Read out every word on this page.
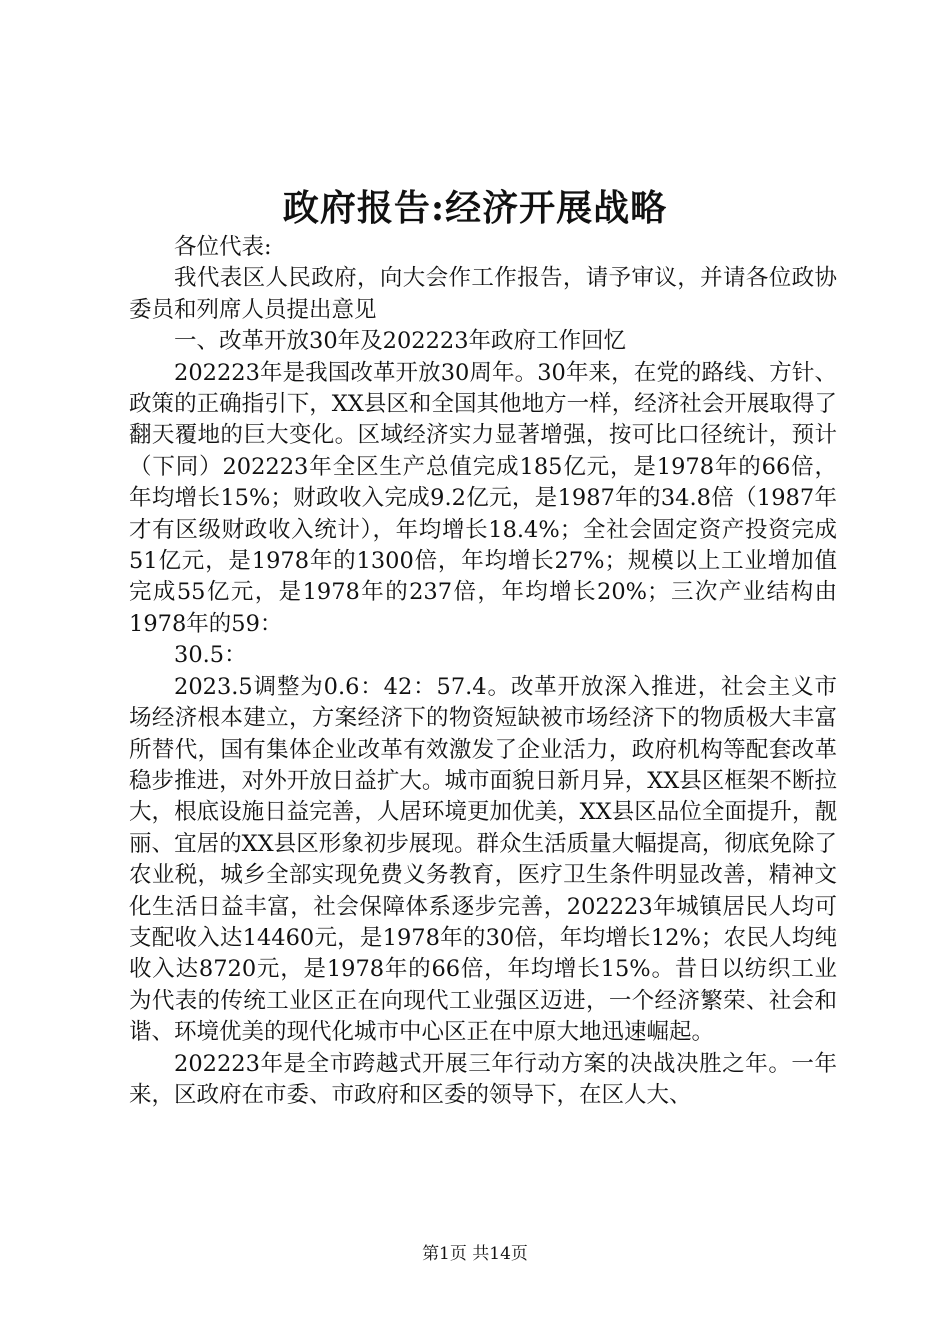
政府报告:经济开展战略

各位代表:

我代表区人民政府，向大会作工作报告，请予审议，并请各位政协委员和列席人员提出意见

一、改革开放30年及202223年政府工作回忆

202223年是我国改革开放30周年。30年来，在党的路线、方针、政策的正确指引下，XX县区和全国其他地方一样，经济社会开展取得了翻天覆地的巨大变化。区域经济实力显著增强，按可比口径统计，预计（下同）202223年全区生产总值完成185亿元，是1978年的66倍，年均增长15%；财政收入完成9.2亿元，是1987年的34.8倍（1987年才有区级财政收入统计），年均增长18.4%；全社会固定资产投资完成51亿元，是1978年的1300倍，年均增长27%；规模以上工业增加值完成55亿元，是1978年的237倍，年均增长20%；三次产业结构由1978年的59：

30.5：

2023.5调整为0.6：42：57.4。改革开放深入推进，社会主义市场经济根本建立，方案经济下的物资短缺被市场经济下的物质极大丰富所替代，国有集体企业改革有效激发了企业活力，政府机构等配套改革稳步推进，对外开放日益扩大。城市面貌日新月异，XX县区框架不断拉大，根底设施日益完善，人居环境更加优美，XX县区品位全面提升，靓丽、宜居的XX县区形象初步展现。群众生活质量大幅提高，彻底免除了农业税，城乡全部实现免费义务教育，医疗卫生条件明显改善，精神文化生活日益丰富，社会保障体系逐步完善，202223年城镇居民人均可支配收入达14460元，是1978年的30倍，年均增长12%；农民人均纯收入达8720元，是1978年的66倍，年均增长15%。昔日以纺织工业为代表的传统工业区正在向现代工业强区迈进，一个经济繁荣、社会和谐、环境优美的现代化城市中心区正在中原大地迅速崛起。

202223年是全市跨越式开展三年行动方案的决战决胜之年。一年来，区政府在市委、市政府和区委的领导下，在区人大、

第1页 共14页
